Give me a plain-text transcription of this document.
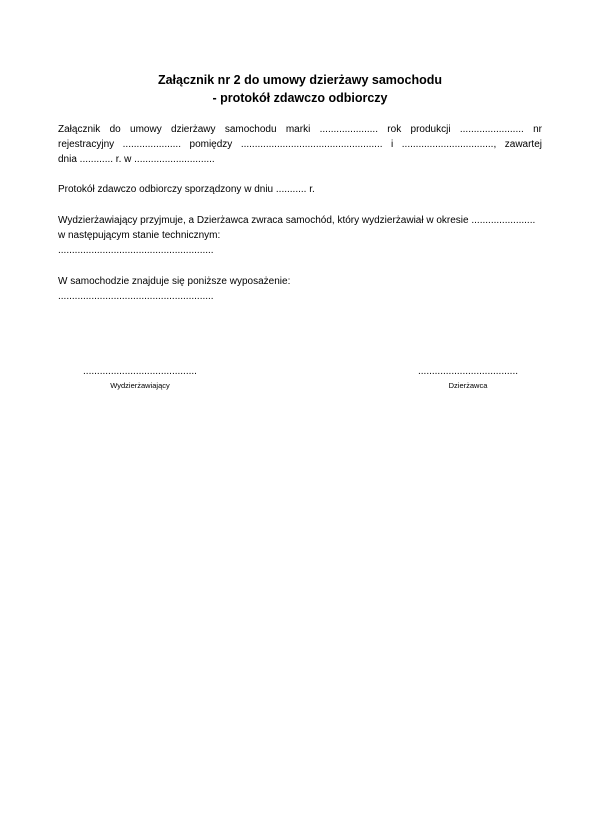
Załącznik nr 2 do umowy dzierżawy samochodu
- protokół zdawczo odbiorczy
Załącznik do umowy dzierżawy samochodu marki ..................... rok produkcji ....................... nr
rejestracyjny ..................... pomiędzy ................................................... i ................................., zawartej
dnia ............ r. w .............................
Protokół zdawczo odbiorczy sporządzony w dniu ........... r.
Wydzierżawiający przyjmuje, a Dzierżawca zwraca samochód, który wydzierżawiał w okresie .......................
w następującym stanie technicznym:
........................................................
W samochodzie znajduje się poniższe wyposażenie:
........................................................
.........................................
Wydzierżawiający
....................................
Dzierżawca
